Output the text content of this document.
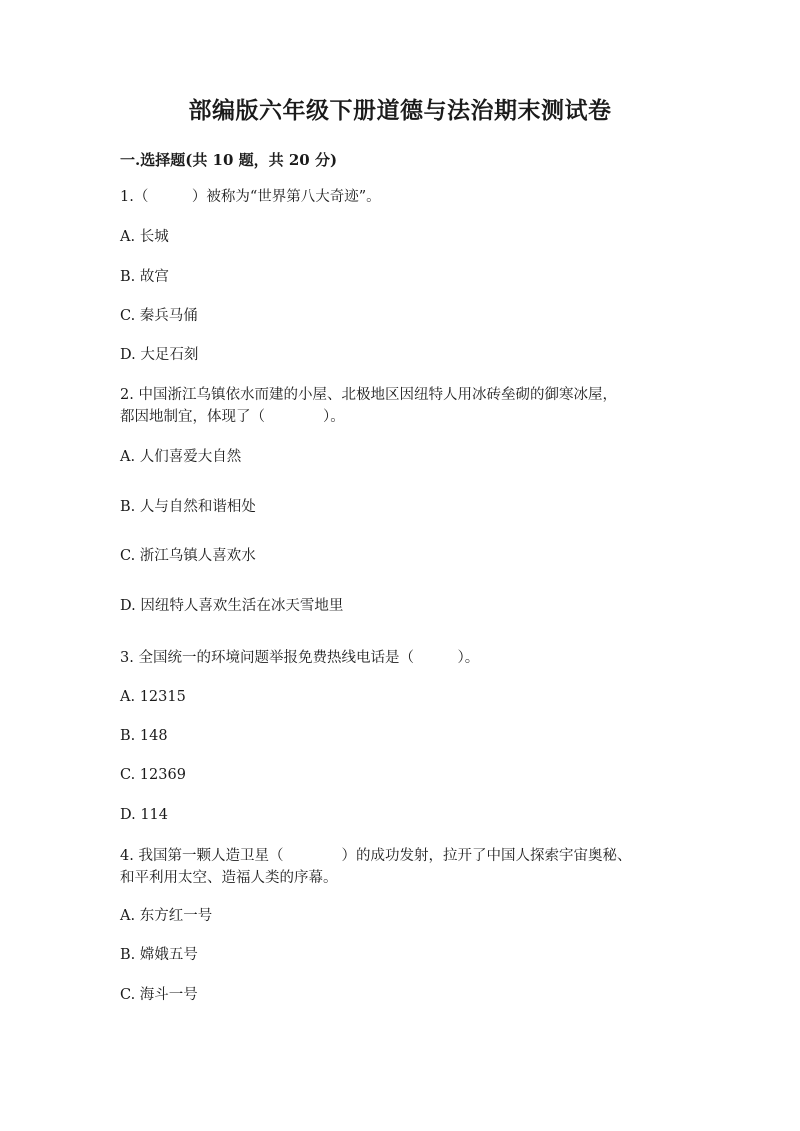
部编版六年级下册道德与法治期末测试卷
一.选择题(共 10 题，共 20 分)
1.（　　　）被称为“世界第八大奇迹”。
A. 长城
B. 故宫
C. 秦兵马俑
D. 大足石刻
2. 中国浙江乌镇依水而建的小屋、北极地区因纽特人用冰砖垒砌的御寒冰屋，
都因地制宜，体现了（　　　　）。
A. 人们喜爱大自然
B. 人与自然和谐相处
C. 浙江乌镇人喜欢水
D. 因纽特人喜欢生活在冰天雪地里
3. 全国统一的环境问题举报免费热线电话是（　　　）。
A. 12315
B. 148
C. 12369
D. 114
4. 我国第一颗人造卫星（　　　　）的成功发射，拉开了中国人探索宇宙奥秘、
和平利用太空、造福人类的序幕。
A. 东方红一号
B. 嫦娥五号
C. 海斗一号
